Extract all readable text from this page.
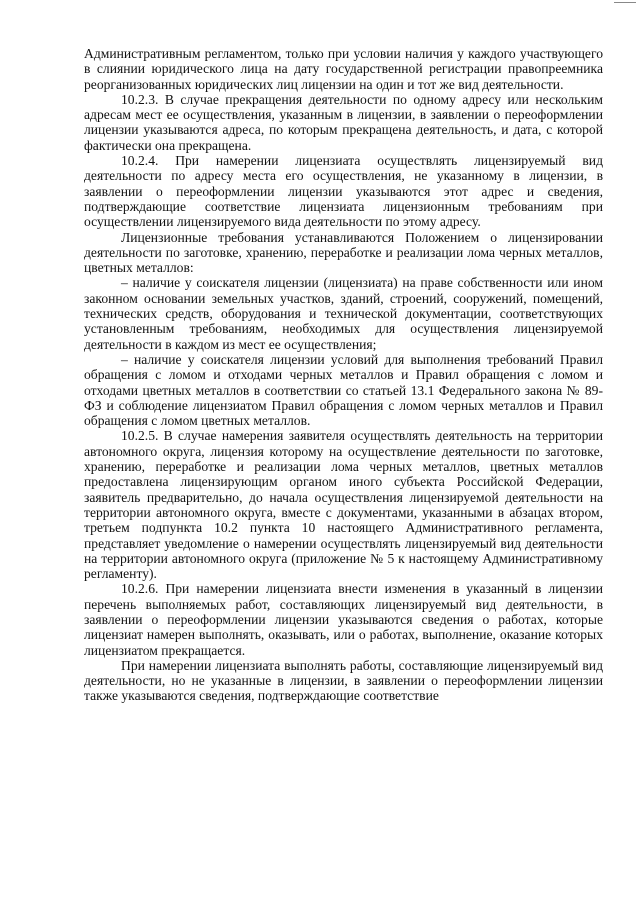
Административным регламентом, только при условии наличия у каждого участвующего в слиянии юридического лица на дату государственной регистрации правопреемника реорганизованных юридических лиц лицензии на один и тот же вид деятельности.

10.2.3. В случае прекращения деятельности по одному адресу или нескольким адресам мест ее осуществления, указанным в лицензии, в заявлении о переоформлении лицензии указываются адреса, по которым прекращена деятельность, и дата, с которой фактически она прекращена.

10.2.4. При намерении лицензиата осуществлять лицензируемый вид деятельности по адресу места его осуществления, не указанному в лицензии, в заявлении о переоформлении лицензии указываются этот адрес и сведения, подтверждающие соответствие лицензиата лицензионным требованиям при осуществлении лицензируемого вида деятельности по этому адресу.

Лицензионные требования устанавливаются Положением о лицензировании деятельности по заготовке, хранению, переработке и реализации лома черных металлов, цветных металлов:

– наличие у соискателя лицензии (лицензиата) на праве собственности или ином законном основании земельных участков, зданий, строений, сооружений, помещений, технических средств, оборудования и технической документации, соответствующих установленным требованиям, необходимых для осуществления лицензируемой деятельности в каждом из мест ее осуществления;

– наличие у соискателя лицензии условий для выполнения требований Правил обращения с ломом и отходами черных металлов и Правил обращения с ломом и отходами цветных металлов в соответствии со статьей 13.1 Федерального закона № 89-ФЗ и соблюдение лицензиатом Правил обращения с ломом черных металлов и Правил обращения с ломом цветных металлов.

10.2.5. В случае намерения заявителя осуществлять деятельность на территории автономного округа, лицензия которому на осуществление деятельности по заготовке, хранению, переработке и реализации лома черных металлов, цветных металлов предоставлена лицензирующим органом иного субъекта Российской Федерации, заявитель предварительно, до начала осуществления лицензируемой деятельности на территории автономного округа, вместе с документами, указанными в абзацах втором, третьем подпункта 10.2 пункта 10 настоящего Административного регламента, представляет уведомление о намерении осуществлять лицензируемый вид деятельности на территории автономного округа (приложение № 5 к настоящему Административному регламенту).

10.2.6. При намерении лицензиата внести изменения в указанный в лицензии перечень выполняемых работ, составляющих лицензируемый вид деятельности, в заявлении о переоформлении лицензии указываются сведения о работах, которые лицензиат намерен выполнять, оказывать, или о работах, выполнение, оказание которых лицензиатом прекращается.

При намерении лицензиата выполнять работы, составляющие лицензируемый вид деятельности, но не указанные в лицензии, в заявлении о переоформлении лицензии также указываются сведения, подтверждающие соответствие
